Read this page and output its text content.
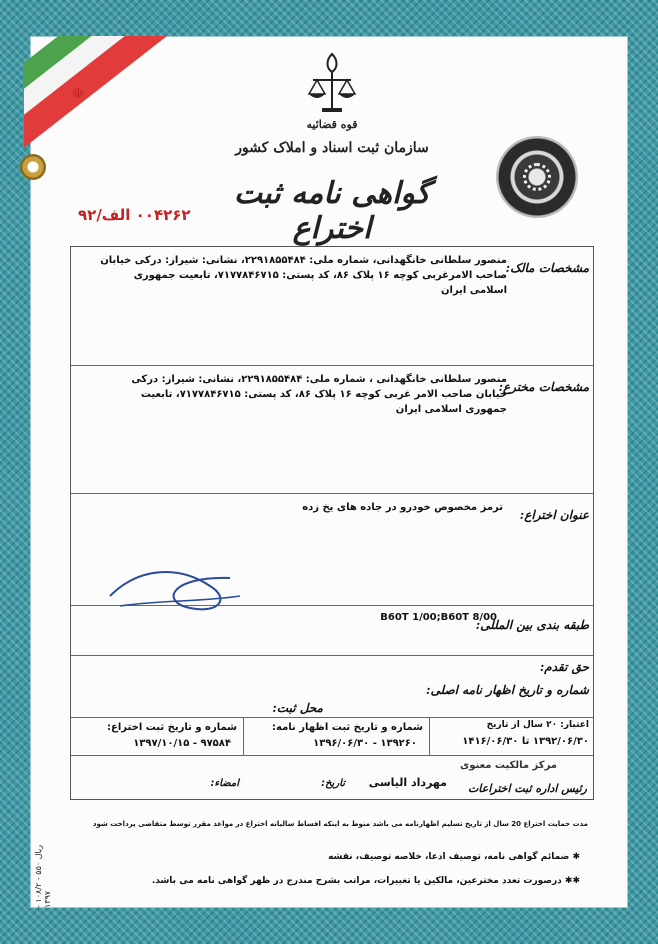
☫
قوه قضائیه
سازمان ثبت اسناد و املاک کشور
گواهی نامه ثبت اختراع
۰۰۴۲۶۲ الف/۹۲
مشخصات مالک:
منصور سلطانی خانگهدانی، شماره ملی: ۲۲۹۱۸۵۵۴۸۴، نشانی: شیراز: درکی خیابان صاحب الامرغربی کوچه ۱۶ پلاک ۸۶، کد پستی: ۷۱۷۷۸۴۶۷۱۵، تابعیت جمهوری اسلامی ایران
مشخصات مخترع:
منصور سلطانی خانگهدانی ، شماره ملی: ۲۲۹۱۸۵۵۴۸۴، نشانی: شیراز: درکی خیابان صاحب الامر غربی کوچه ۱۶ پلاک ۸۶، کد پستی: ۷۱۷۷۸۴۶۷۱۵، تابعیت جمهوری اسلامی ایران
عنوان اختراع:
ترمز مخصوص خودرو در جاده های یخ زده
طبقه بندی بین المللی:
B60T 1/00;B60T 8/00
حق تقدم:
شماره و تاریخ اظهار نامه اصلی:
محل ثبت:
اعتبار: ۲۰ سال از تاریخ
۱۳۹۲/۰۶/۳۰ تا ۱۴۱۶/۰۶/۳۰
شماره و تاریخ ثبت اظهار نامه:
۱۳۹۲۶۰ - ۱۳۹۶/۰۶/۳۰
شماره و تاریخ ثبت اختراع:
۹۷۵۸۴ - ۱۳۹۷/۱۰/۱۵
مرکز مالکیت معنوی
رئیس اداره ثبت اختراعات
مهرداد الیاسی
تاریخ:
امضاء:
مدت حمایت اختراع 20 سال از تاریخ تسلیم اظهارنامه می باشد منوط به اینکه اقساط سالیانه اختراع در مواعد مقرر توسط متقاضی پرداخت شود
✱ ضمائم گواهی نامه، توصیف ادعا، خلاصه توصیف، نقشه
✱✱ درصورت تعدد مخترعین، مالکین یا تغییرات، مراتب بشرح مندرج در ظهر گواهی نامه می باشد.
ریال ۵۵۰ - ۱۰۸/۲ - ۱۳۹۷
